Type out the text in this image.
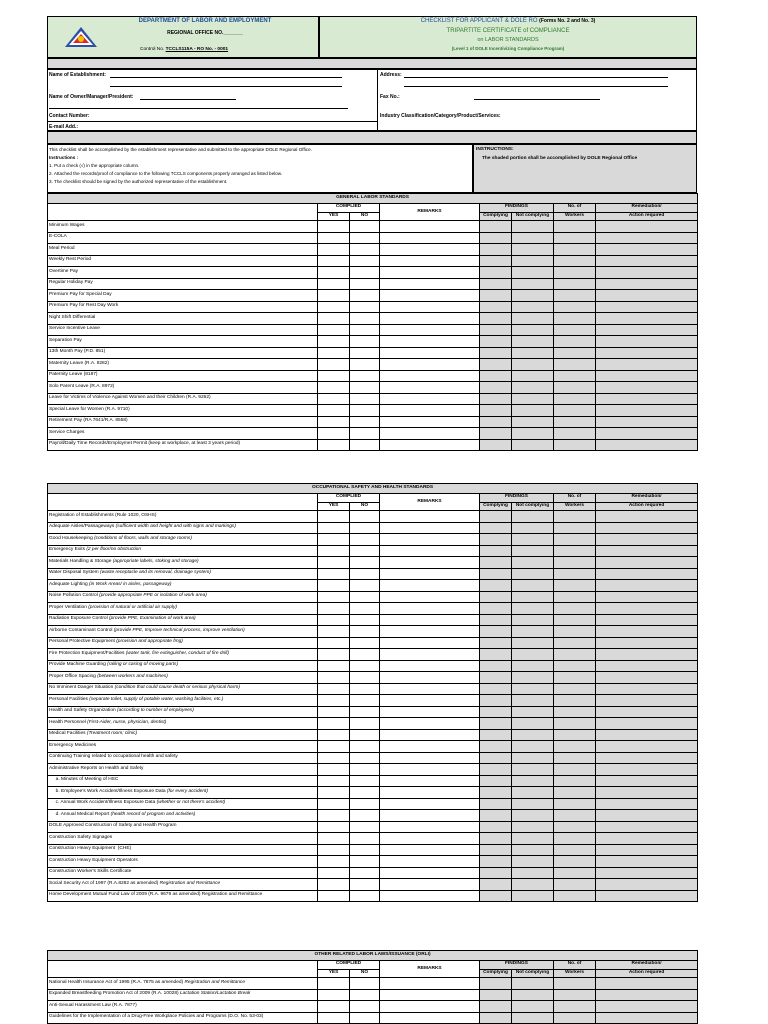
DEPARTMENT OF LABOR AND EMPLOYMENT
REGIONAL OFFICE NO._______
Control No. TCCLS115A - RO No. - 0001
CHECKLIST FOR APPLICANT & DOLE RO (Forms No. 2 and No. 3)
TRIPARTITE CERTIFICATE of COMPLIANCE
on LABOR STANDARDS
(Level 1 of DOLE Incentivizing Compliance Program)
Name of Establishment:	Address:
Name of Owner/Manager/President:	Fax No.:
Contact Number:	Industry Classification/Category/Product/Services:
E-mail Add.:
This checklist shall be accomplished by the establishment representative and submitted to the appropriate DOLE Regional Office.
Instructions :
1. Put a check (√) in the appropriate column.
2. Attached the records/proof of compliance to the following TCCLS components properly arranged as listed below.
3. The checklist should be signed by the authorized representative of the establishment.
INSTRUCTIONS:
The shaded portion shall be accomplished by DOLE Regional Office
GENERAL LABOR STANDARDS							
	COMPLIED		REMARKS	FINDINGS		No. of	Remediation/
	YES	NO		Complying	Not complying	Workers	Action required
Minimum Wages							
E-COLA							
Meal Period							
Weekly Rest Period							
Overtime Pay							
Regular Holiday Pay							
Premium Pay for Special Day							
Premium Pay for Rest Day Work							
Night Shift Differential							
Service Incentive Leave							
Separation Pay							
13th Month Pay (P.D. 851)							
Maternity Leave (R.A. 8282)							
Paternity Leave (8187)							
Solo Parent Leave (R.A. 8972)							
Leave for Victims of Violence Against Women and their Children (R.A. 9262)							
Special Leave for Women (R.A. 9710)							
Retirement Pay (RA 7641/R.A. 8558)							
Service Charges							
Payroll/Daily Time Records/Employmet Permit (keep at workplace, at least 3 years period)							
OCCUPATIONAL SAFETY AND HEALTH STANDARDS							
	COMPLIED		REMARKS	FINDINGS		No. of	Remediation/
	YES	NO		Complying	Not complying	Workers	Action required
Registration of Establishments (Rule 1020, OSHS)							
Adequate Aisles/Passageways (sufficient width and height and with signs and markings)							
Good Housekeeping (conditions of floors, walls and storage rooms)							
Emergency Exits (2 per floor/no obstruction							
Materials Handling & Storage (appropriate labels, stoking and storage)							
Water Disposal System (waste receptacle and its removal, drainage system)							
Adequate Lighting (in Work Areas/ in aisles, passageway)							
Noise Pollution Control (provide appropriate PPE or isolation of work area)							
Proper Ventilation (provision of natural or artificial air supply)							
Radiation Exposure Control (provide PPE, Examination of work area)							
Airborne Contaminant Control (provide PPE, Improve technical process, improve ventilation)							
Personal Protective Equipment (provision and appropriate fmg)							
Fire Protection Equipment/Facilities (water tank, fire extinguisher, conduct of fire drill)							
Provide Machine Guarding (railing or casing of moving parts)							
Proper Office Spacing (between workers and machines)							
No Imminent Danger Situation (condition that could cause death or serious physical harm)							
Personal Facilities (separate toilet, supply of potable water, washing facilities, etc.)							
Health and Safety Organization (according to number of employees)							
Health Personnel (First-Aider, nurse, physician, dentist)							
Medical Facilities (Treatment room; clinic)							
Emergency Medicines							
Continuing Training related to occupational health and safety							
Administrative Reports on Health and Safety							
a. Minutes of Meeting of HSC							
b. Employee's Work Accident/Illness Exposure Data (for every accident)							
c. Annual Work Accident/Illness Exposure Data (whether or not there's accident)							
d. Annual Medical Report (health record of program and activities)							
DOLE Approved Construction of Safety and Health Program							
Construction Safety Signages							
Construction Heavy Equipment  (CHE)							
Construction Heavy Equipment Operators							
Construction Worker's Skills Certificate							
Social Security Act of 1997 (R.A.8282 as amended) Registration and Remittance							
Home Development Mutual Fund Law of 2009 (R.A. 9679 as amended) Registration and Remittance							
OTHER RELATED LABOR LAWS/ISSUANCE (ORLI)							
	COMPLIED		REMARKS	FINDINGS		No. of	Remediation/
	YES	NO		Complying	Not complying	Workers	Action required
National Health Insurance Act of 1995 (R.A. 7875 as amended) Registration and Remittance							
Expanded Breastfeeding Promotion Act of 2009 (R.A. 10028) Lactation Station/Lactation Break							
Anti-Sexual Harassment Law (R.A. 7877)							
Guidelines for the Implementation of a Drug-Free Workplace Policies and Programs (D.O. No. 53-03)							
